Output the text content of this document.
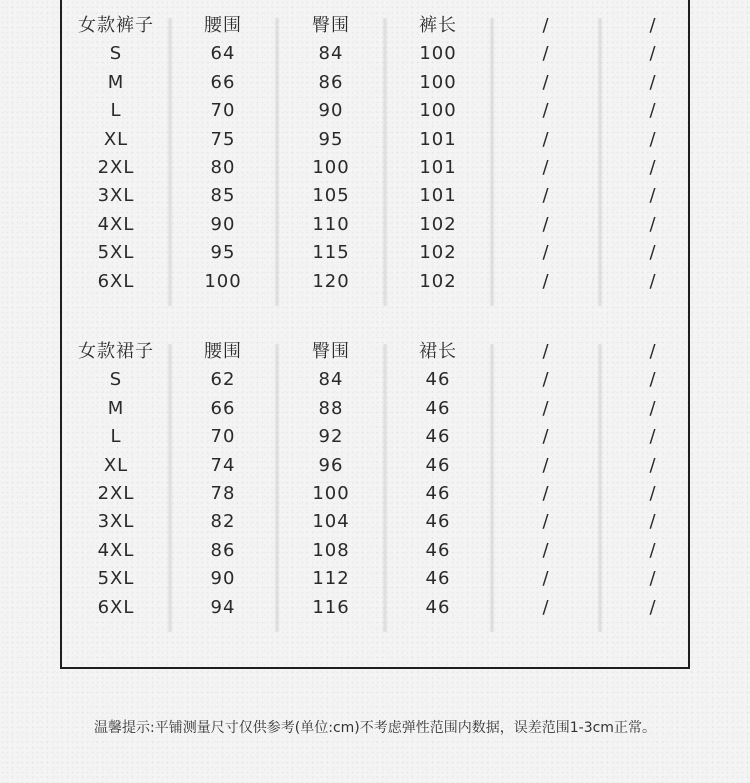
女款裤子	腰围	臀围	裤长	/	/
S	64	84	100	/	/
M	66	86	100	/	/
L	70	90	100	/	/
XL	75	95	101	/	/
2XL	80	100	101	/	/
3XL	85	105	101	/	/
4XL	90	110	102	/	/
5XL	95	115	102	/	/
6XL	100	120	102	/	/
女款裙子	腰围	臀围	裙长	/	/
S	62	84	46	/	/
M	66	88	46	/	/
L	70	92	46	/	/
XL	74	96	46	/	/
2XL	78	100	46	/	/
3XL	82	104	46	/	/
4XL	86	108	46	/	/
5XL	90	112	46	/	/
6XL	94	116	46	/	/
温馨提示:平铺测量尺寸仅供参考(单位:cm)不考虑弹性范围内数据，误差范围1-3cm正常。
